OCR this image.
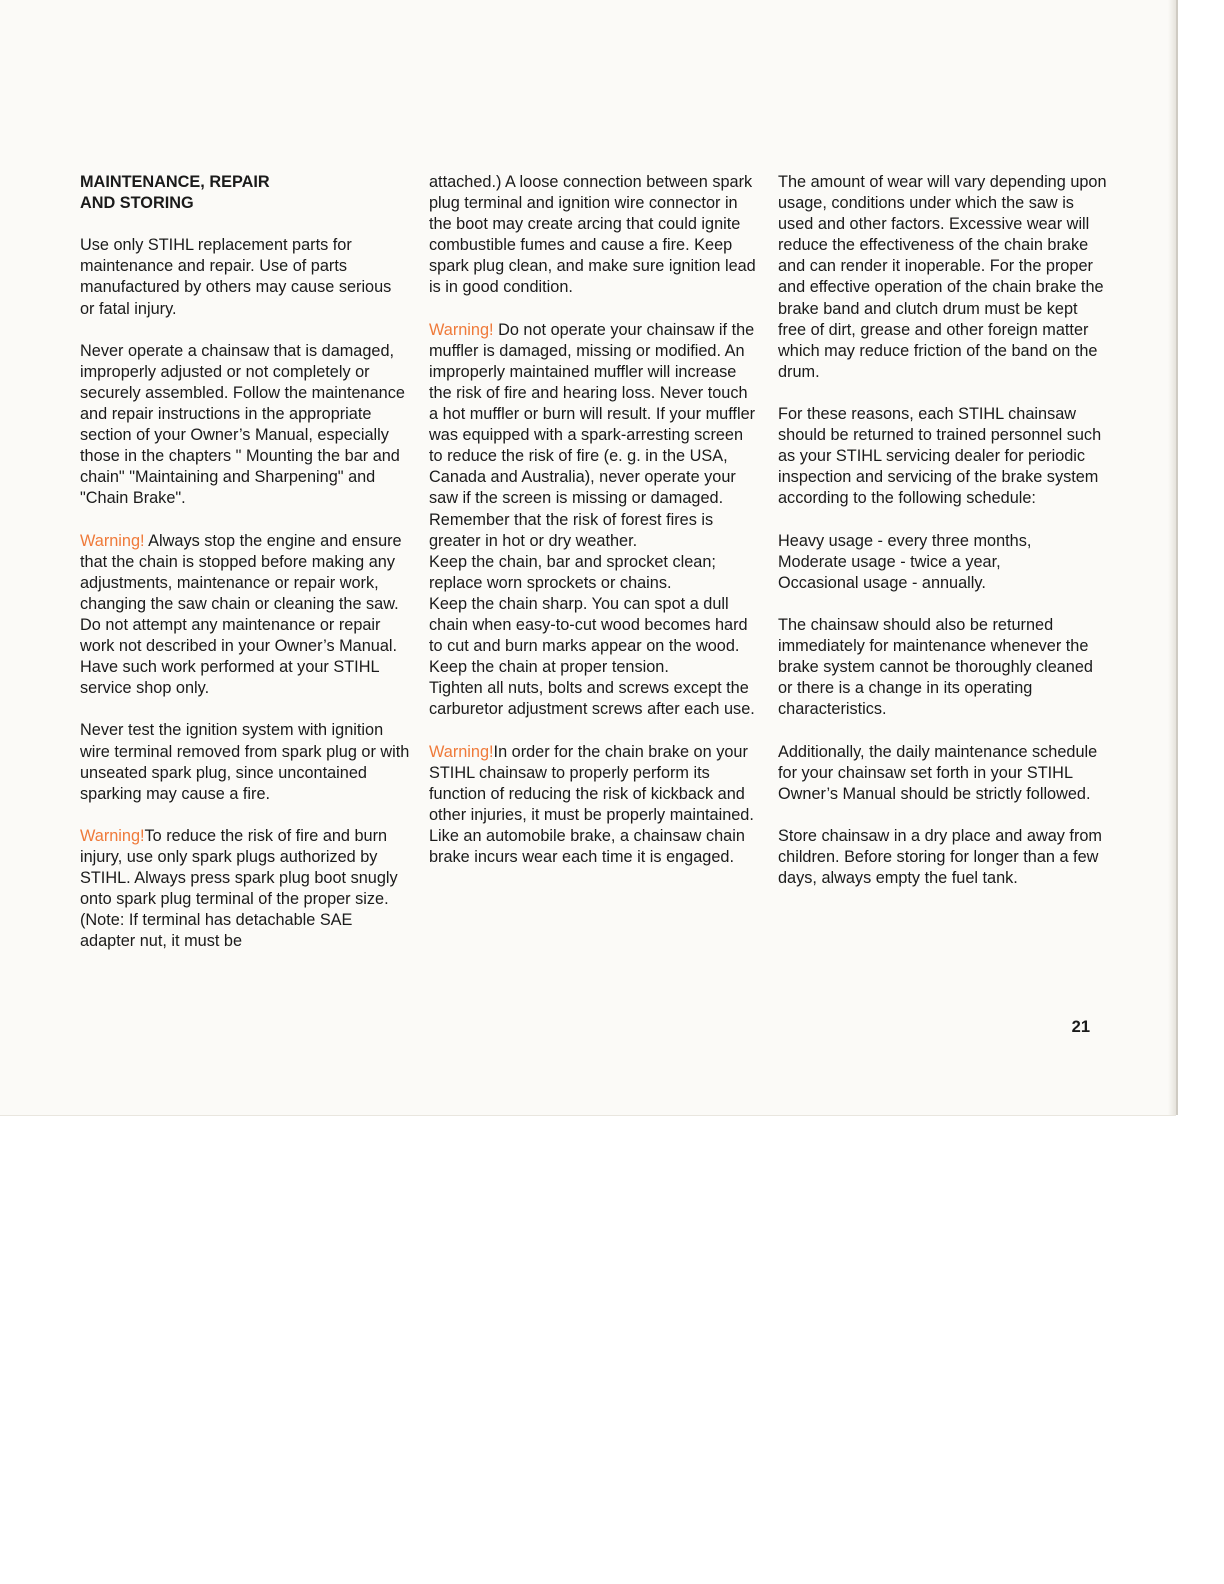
MAINTENANCE, REPAIR
AND STORING

Use only STIHL replacement parts for maintenance and repair. Use of parts manufactured by others may cause serious or fatal injury.

Never operate a chainsaw that is damaged, improperly adjusted or not completely or securely assembled. Follow the maintenance and repair instructions in the appropriate section of your Owner’s Manual, especially those in the chapters " Mounting the bar and chain" "Maintaining and Sharpening" and "Chain Brake".

Warning! Always stop the engine and ensure that the chain is stopped before making any adjustments, maintenance or repair work, changing the saw chain or cleaning the saw. Do not attempt any maintenance or repair work not described in your Owner’s Manual. Have such work performed at your STIHL service shop only.

Never test the ignition system with ignition wire terminal removed from spark plug or with unseated spark plug, since uncontained sparking may cause a fire.

Warning!To reduce the risk of fire and burn injury, use only spark plugs authorized by STIHL. Always press spark plug boot snugly onto spark plug terminal of the proper size. (Note: If terminal has detachable SAE adapter nut, it must be

attached.) A loose connection between spark plug terminal and ignition wire connector in the boot may create arcing that could ignite combustible fumes and cause a fire. Keep spark plug clean, and make sure ignition lead is in good condition.

Warning! Do not operate your chainsaw if the muffler is damaged, missing or modified. An improperly maintained muffler will increase the risk of fire and hearing loss. Never touch a hot muffler or burn will result. If your muffler was equipped with a spark-arresting screen to reduce the risk of fire (e. g. in the USA, Canada and Australia), never operate your saw if the screen is missing or damaged. Remember that the risk of forest fires is greater in hot or dry weather.

Keep the chain, bar and sprocket clean; replace worn sprockets or chains.

Keep the chain sharp. You can spot a dull chain when easy-to-cut wood becomes hard to cut and burn marks appear on the wood.

Keep the chain at proper tension.

Tighten all nuts, bolts and screws except the carburetor adjustment screws after each use.

Warning!In order for the chain brake on your STIHL chainsaw to properly perform its function of reducing the risk of kickback and other injuries, it must be properly maintained. Like an automobile brake, a chainsaw chain brake incurs wear each time it is engaged.

The amount of wear will vary depending upon usage, conditions under which the saw is used and other factors. Excessive wear will reduce the effectiveness of the chain brake and can render it inoperable. For the proper and effective operation of the chain brake the brake band and clutch drum must be kept free of dirt, grease and other foreign matter which may reduce friction of the band on the drum.

For these reasons, each STIHL chainsaw should be returned to trained personnel such as your STIHL servicing dealer for periodic inspection and servicing of the brake system according to the following schedule:

Heavy usage - every three months,

Moderate usage - twice a year,

Occasional usage - annually.

The chainsaw should also be returned immediately for maintenance whenever the brake system cannot be thoroughly cleaned or there is a change in its operating characteristics.

Additionally, the daily maintenance schedule for your chainsaw set forth in your STIHL Owner’s Manual should be strictly followed.

Store chainsaw in a dry place and away from children. Before storing for longer than a few days, always empty the fuel tank.

21
